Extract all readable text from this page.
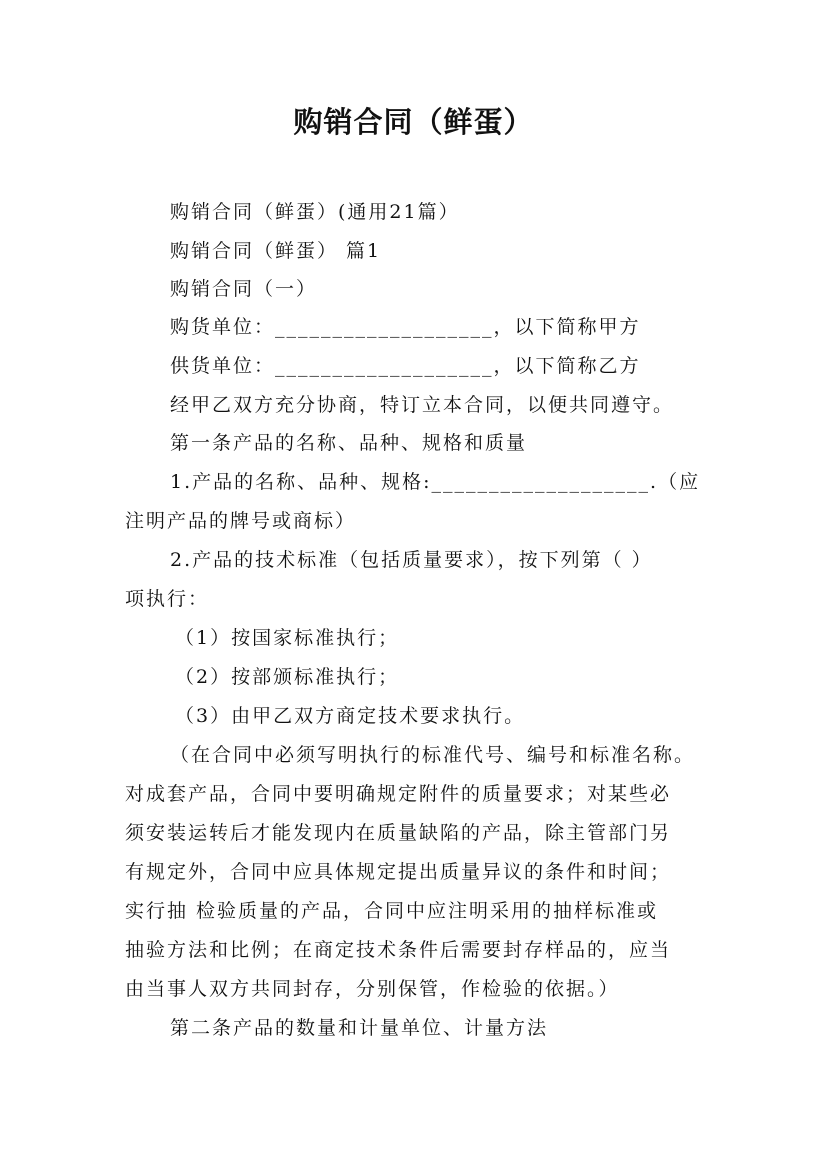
购销合同（鲜蛋）
购销合同（鲜蛋）(通用21篇）
购销合同（鲜蛋） 篇1
购销合同（一）
购货单位：___________________，以下简称甲方
供货单位：___________________，以下简称乙方
经甲乙双方充分协商，特订立本合同，以便共同遵守。
第一条产品的名称、品种、规格和质量
1.产品的名称、品种、规格:___________________.（应
注明产品的牌号或商标）
2.产品的技术标准（包括质量要求），按下列第（ ）
项执行：
（1）按国家标准执行；
（2）按部颁标准执行；
（3）由甲乙双方商定技术要求执行。
（在合同中必须写明执行的标准代号、编号和标准名称。
对成套产品，合同中要明确规定附件的质量要求；对某些必
须安装运转后才能发现内在质量缺陷的产品，除主管部门另
有规定外，合同中应具体规定提出质量异议的条件和时间；
实行抽 检验质量的产品，合同中应注明采用的抽样标准或
抽验方法和比例；在商定技术条件后需要封存样品的，应当
由当事人双方共同封存，分别保管，作检验的依据。）
第二条产品的数量和计量单位、计量方法
